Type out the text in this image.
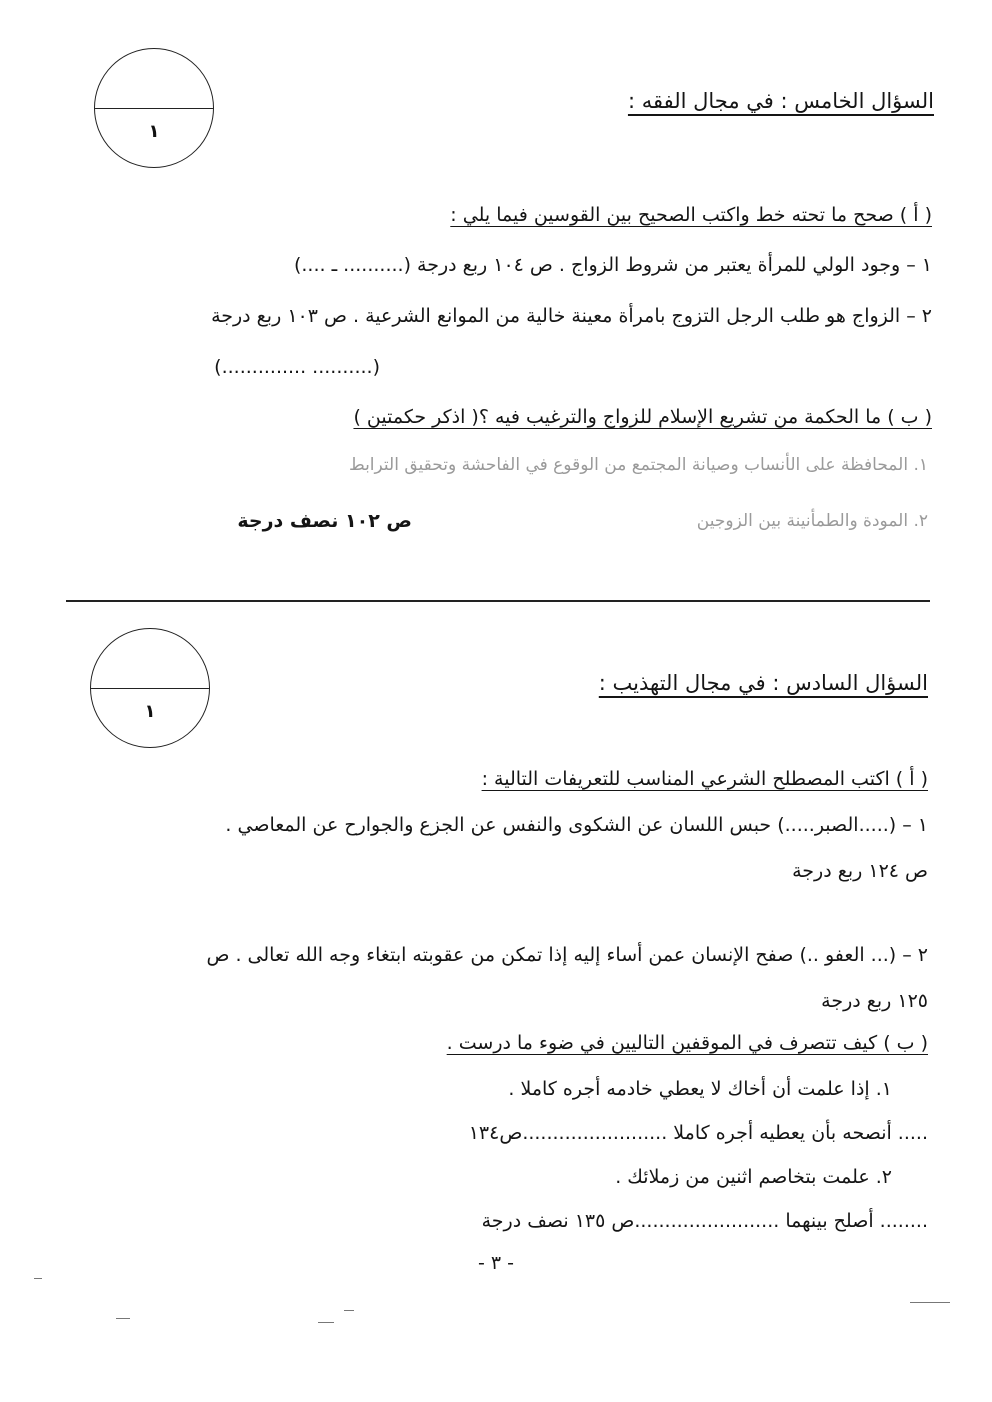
١
السؤال الخامس : في مجال الفقه :
( أ ) صحح ما تحته خط واكتب الصحيح بين القوسين فيما يلي :
١ – وجود الولي للمرأة يعتبر من شروط الزواج . ص ١٠٤ ربع درجة (.......... ـ ....)
٢ – الزواج هو طلب الرجل التزوج بامرأة معينة خالية من الموانع الشرعية . ص ١٠٣ ربع درجة
(.......... ..............)
( ب ) ما الحكمة من تشريع الإسلام للزواج والترغيب فيه ؟( اذكر حكمتين )
١. المحافظة على الأنساب وصيانة المجتمع من الوقوع في الفاحشة وتحقيق الترابط
٢. المودة والطمأنينة بين الزوجين
ص ١٠٢ نصف درجة
١
السؤال السادس : في مجال التهذيب :
( أ ) اكتب المصطلح الشرعي المناسب للتعريفات التالية :
١ – (.....الصبر.....) حبس اللسان عن الشكوى والنفس عن الجزع والجوارح عن المعاصي .
ص ١٢٤ ربع درجة
٢ – (... العفو ..) صفح الإنسان عمن أساء إليه إذا تمكن من عقوبته ابتغاء وجه الله تعالى . ص
١٢٥ ربع درجة
( ب ) كيف تتصرف في الموقفين التاليين في ضوء ما درست .
١. إذا علمت أن أخاك لا يعطي خادمه أجره كاملا .
..... أنصحه بأن يعطيه أجره كاملا ........................ص١٣٤
٢. علمت بتخاصم اثنين من زملائك .
........ أصلح بينهما ........................ص ١٣٥ نصف درجة
- ٣ -
